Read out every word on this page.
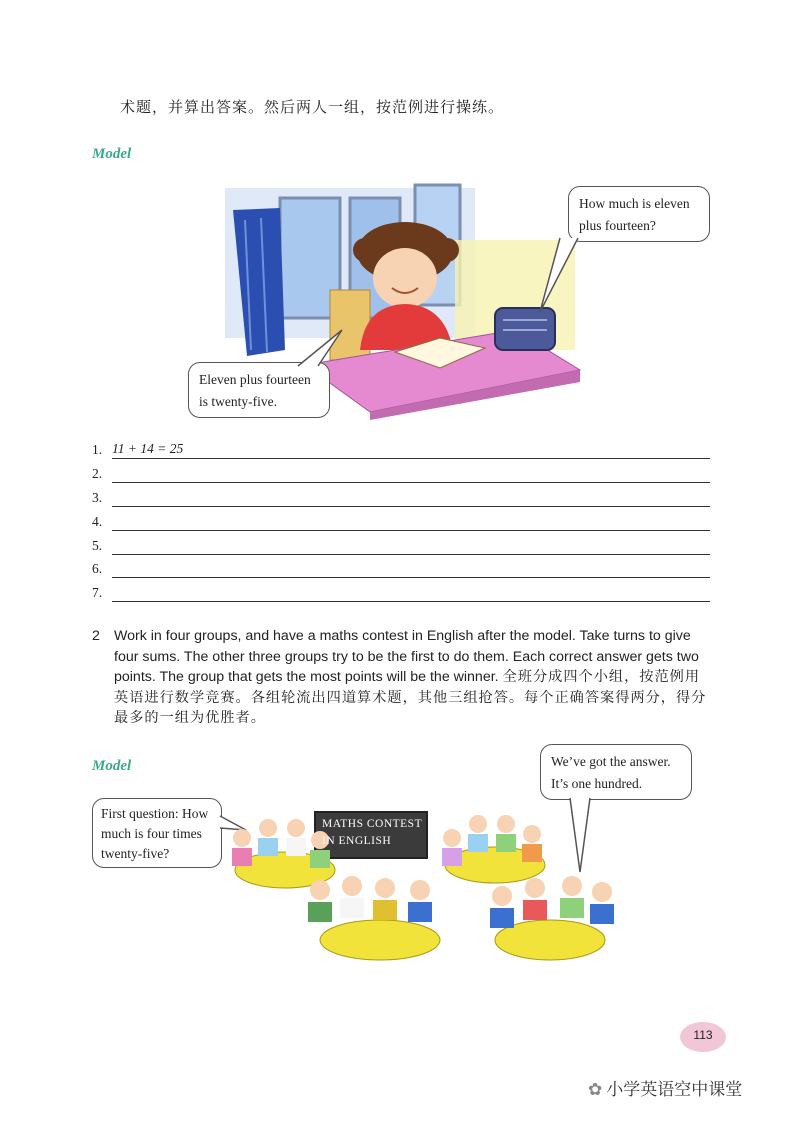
术题，并算出答案。然后两人一组，按范例进行操练。
Model
How much is eleven
plus fourteen?
Eleven plus fourteen
is twenty-five.
1. 11 + 14 = 25
2.
3.
4.
5.
6.
7.
2 Work in four groups, and have a maths contest in English after the model. Take turns to give four sums. The other three groups try to be the first to do them. Each correct answer gets two points. The group that gets the most points will be the winner. 全班分成四个小组，按范例用英语进行数学竞赛。各组轮流出四道算术题，其他三组抢答。每个正确答案得两分，得分最多的一组为优胜者。
Model	We’ve got the answer.
It’s one hundred.
First question: How
much is four times
twenty-five?
MATHS CONTEST
IN ENGLISH
113
✿ 小学英语空中课堂
